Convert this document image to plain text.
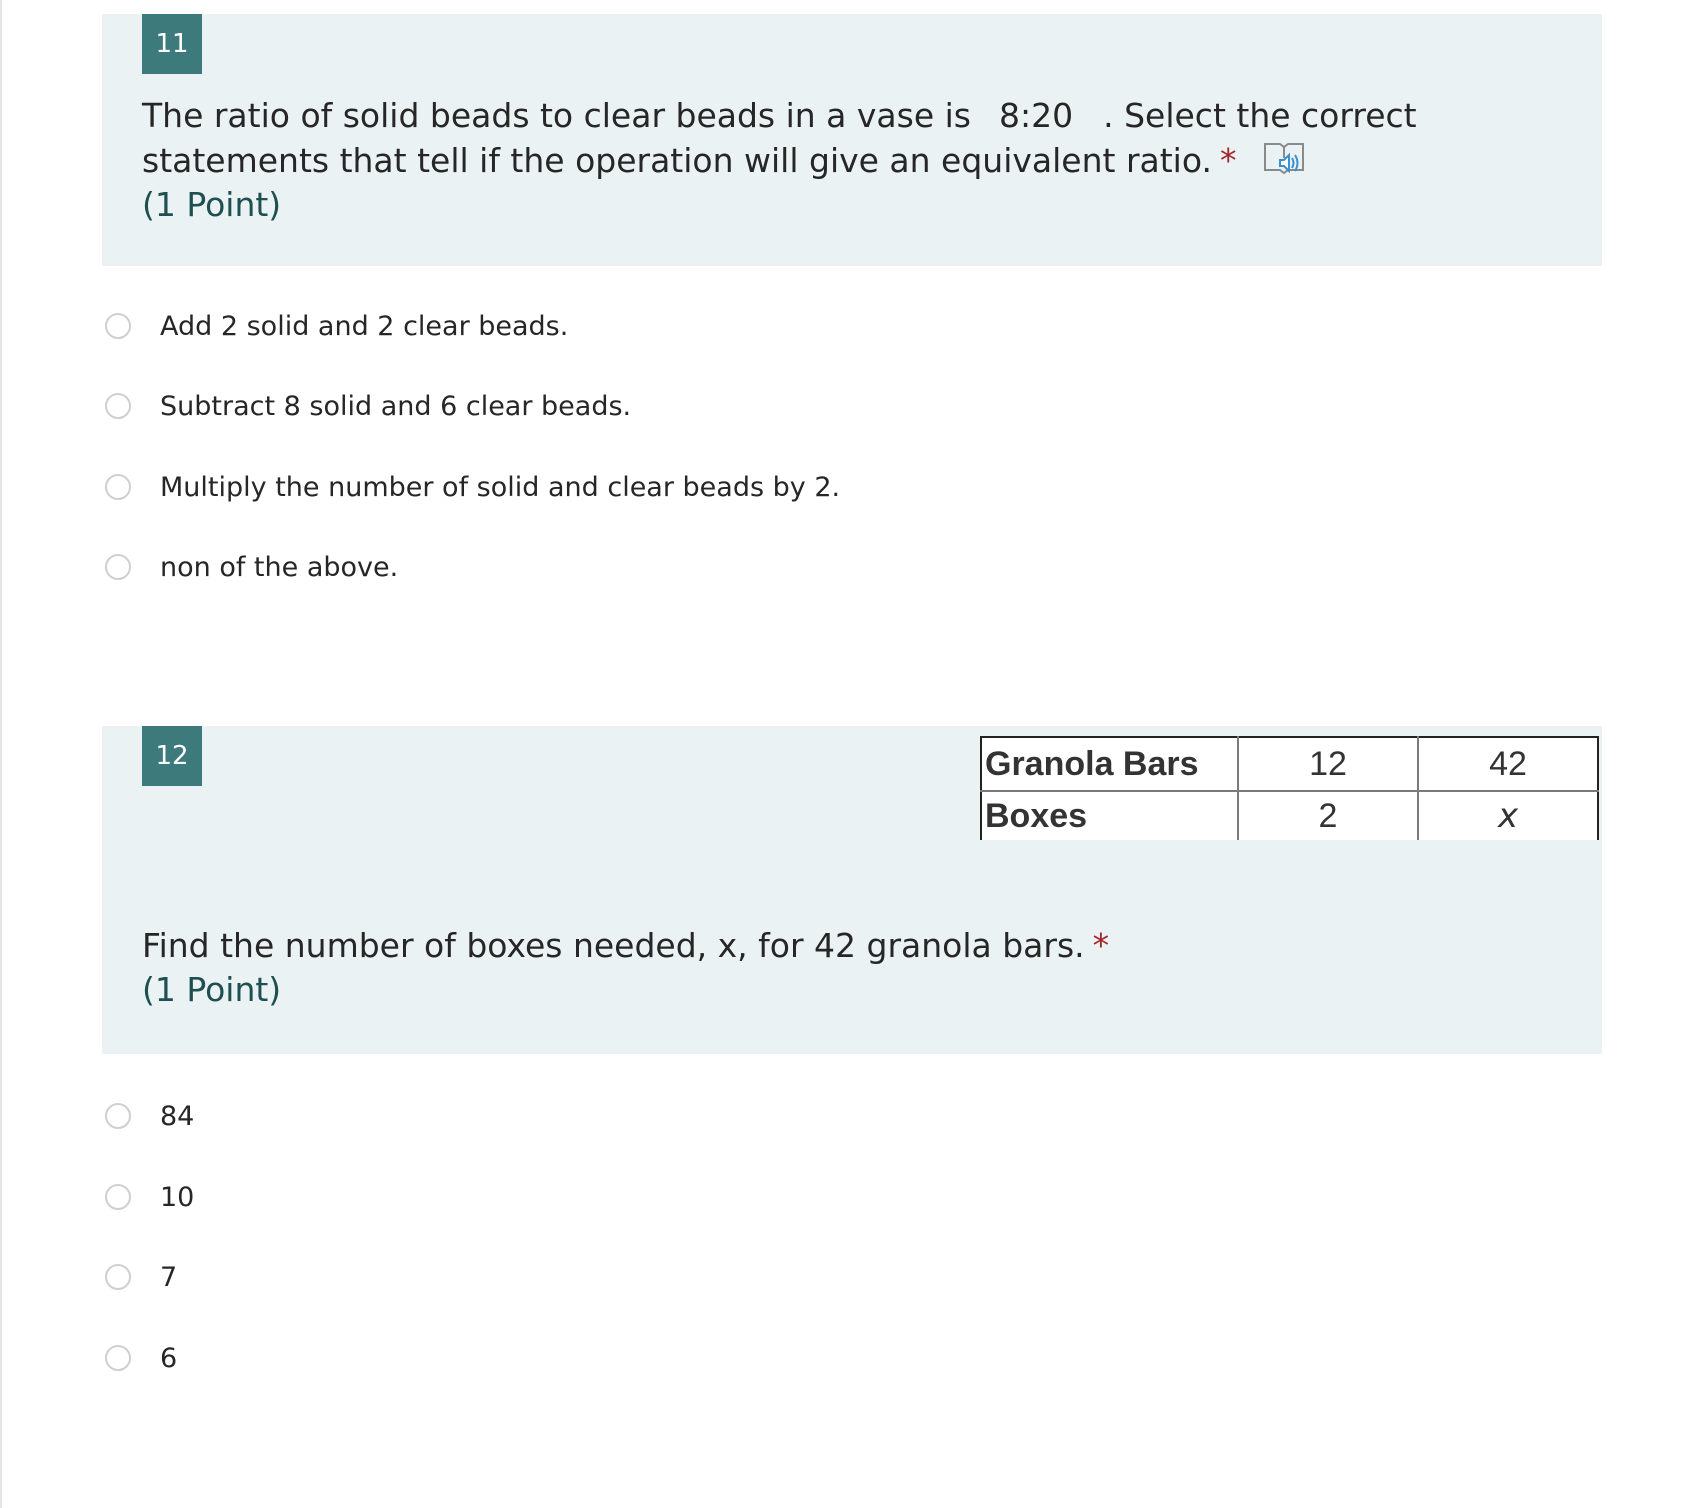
11
The ratio of solid beads to clear beads in a vase is 8:20 . Select the correct statements that tell if the operation will give an equivalent ratio. *
(1 Point)
Add 2 solid and 2 clear beads.
Subtract 8 solid and 6 clear beads.
Multiply the number of solid and clear beads by 2.
non of the above.
12	Granola Bars	12	42
Boxes	2	x
Find the number of boxes needed, x, for 42 granola bars. *
(1 Point)
84
10
7
6
